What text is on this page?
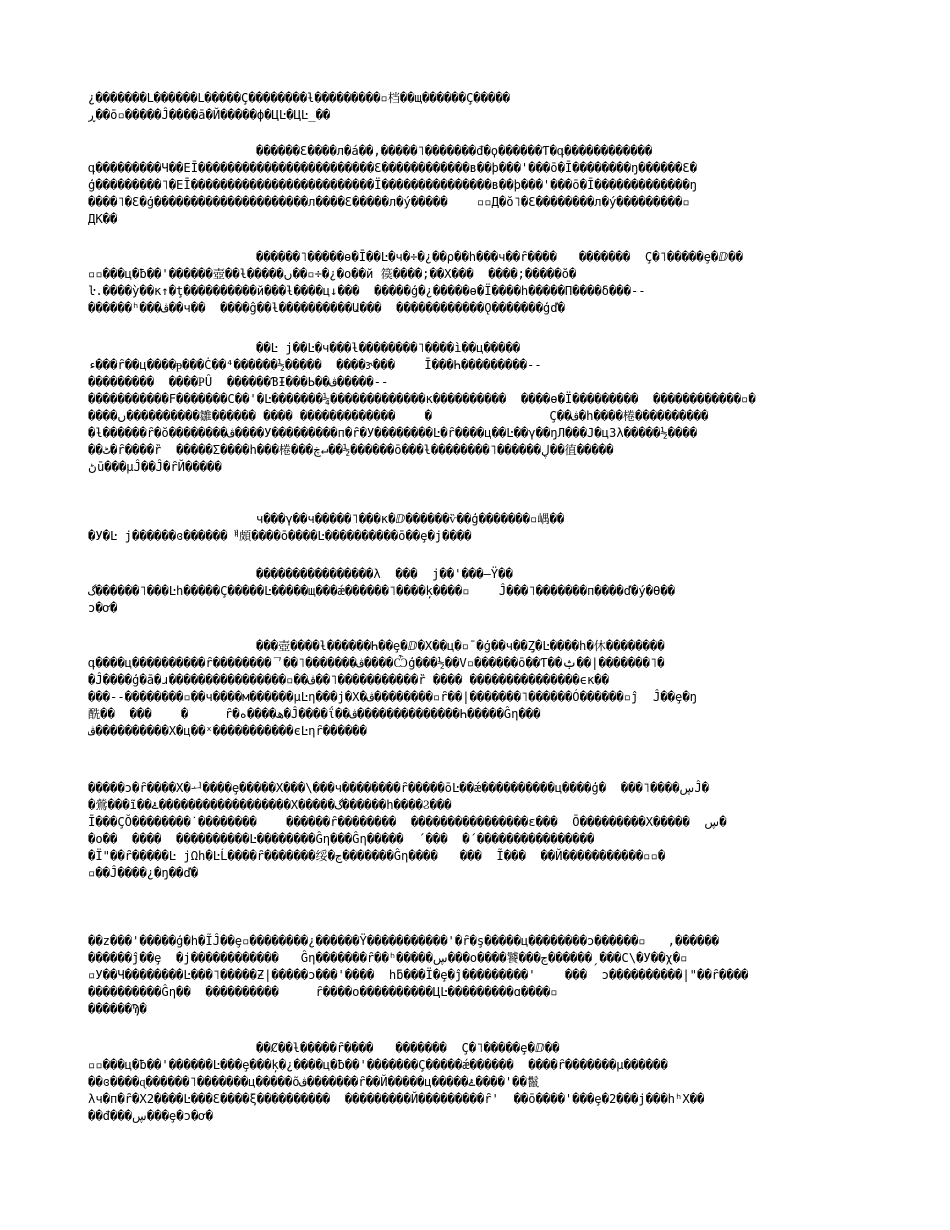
¿�������ᒪ������ᒪ�����Ç��������ƚ���������▫档��щ������Ç�����
ڕ��ō▫�����Ĵ����ā�Й�����ф�ЦĿ�ЦĿ_��
������Ɛ����л�á��,�����˥�������đ�ϙ������Ƭ�գ������������
գ���������Ч��ЕĪ������������������������Ɛ������������ʙ��þ���'���ō�Ī��������ŋ������Ɛ�
ģ���������˥�ЕĪ�������������������������Ї���������������ʙ��þ���'���ō�Ī�������������ŋ
����˥�Ɛ�ģ���������������������л����Ɛ�����л�ý�����    ▫▫Д�ŏ˥�Ɛ��������л�ý���������▫
ДК��
������˥�����ɵ�Ī��Ŀ�ч�÷�¿��ρ��h���ч��ȓ����   �������  Ç�˥�����ȩ�ⅅ��
▫▫���ц�ƀ��'������壺��ƚ�����ں��▫÷�¿�о��й 篌����;��Χ���  ����;�����ŏ�
ŀ.����ỳ��κ↑�ţ����������й���ƚ����ц↓���  �����ģ�¿�����ɵ�Ї����һ�����Π����δ���--
������ʰ���ڤ��ч��  ����ĝ��ƚ����������Ա���  ������������Ǫ�������ģď�
��Ŀ j��Ŀ�ч���ƚ��������˥����ì��ц�����
ء���ȓ��ц����ᵽ���Ċ��⁴������½�����  ����ɝ���    Ī���Һ���������--
���������  ����ҎÛ  ������ƁƗ���Ь��ڤ�����--
�����������Ϝ�������Ϲ��'�Ŀ�������¼�������������κ����������  ����ɵ�Ї���������  ������������▫�
����ں����������雛������ ���� �������������    �                Ç��ڤ�h����棬����������
�ƚ������ȓ�ŏ��������ڤ����У���������п�ȓ�У��������Ŀ�ȓ����ц��Ŀ��γ��ŋЛ���Ј�ц3λ�����½����
��ٹ�ȓ����ȑ  �����Σ����h���棬���ڿ↵��½������ō���ƚ��������˥������ڸ��徝�����
ڻū���μĴ��Ĵ�ȓЙ�����
ч���γ��ч�����˥���κ�ⅅ������ѷ��ģ�������▫嵎��
�У�Ŀ j������ɞ������ᅤ頗����ō����Ŀ����������ō��ȩ�j����
����������������λ  ���  j��'���—Ÿ��
گ������˥���Ŀh�����Ç�����Ŀ�����щ���ǽ������˥����ķ����▫    Ĵ���˥�������п����ď�ý�Ɵ��
ɔ�ơ�
���壺����ƚ������Һ��ȩ�ⅅ�Χ��ц�▫ˉ�ģ��ч��Ȥ�Ŀ����h�休��������
գ����ц����������ȓ��������ᄀ��˥�������ڤ����Ѽģ���½��V▫������ō��Ƭ��ݑ��|�������˥�
�Ĵ����ģ�ā�ɹ����������������▫��ڤ��˥�����������ȑ ���� ���������������ϵκ��
���--��������▫��ч����м������μĿη���j�Χ�ڤ��������▫ȓ��|�������˥������Ó������▫ĵ  Ĵ��ȩ�ŋ
酰��  ���    �     ȓ�ھ����ه�Ĵ����ΐ��ڤ��������������Һ�����Ĝη���
ڤ����������Χ�ц��ˣ�����������єĿηȓ������
�����ɔ�ȓ����Χ�ᅬ����ȩ�����Χ���\���ч��������ȓ�����ōĿ��ǽ����������ц����ģ�  ���˥����ڛĴ�
�鶯���ĩ��ۓ������������������Χ�����گ������h����Ϩ���
Ī���ÇŎ��������˙��������    ������ȓ��������  ����������������ɛ���  Ō���������Χ�����  ڛ�
�о��  ����  ����������Ŀ��������Ĝη���Ĝη�����  ´���  �´����������������
�Ї"��ȓ�����Ŀ jΩh�ĿĹ����ȓ�������绥�ڃ�������Ĝη����   ���  Ĩ���  ��Й�����������▫▫�
▫��Ĵ����¿�ŋ��ď�
��z���'�����ģ�h�ĨĴ��ȩ▫��������¿������Ÿ�����������'�ȓ�ş�����ц��������ɔ������▫   ,������
������ĵ��ȩ  �j������������   Ĝη�������ȓ��ʰ�����ڛ���о����饕���ڃ������ˏ���C\�У��χ�▫
▫У��Ч��������Ŀ���˥�����Ƶ|�����ɔ���'����  hƃ���Ї�ȩ�ĵ���������'    ���  ɔ����������|"��ȓ����
����������Ĝη��  ����������     ȓ����о����������ЦĿ���������ɑ����▫
������Ϡ�
��Ȼ��ƚ�����ȓ����   �������  Ç�˥�����ȩ�ⅅ��
▫▫���ц�ƀ��'������Ŀ���ȩ���ķ�¿����ц�ƀ��'�������Ç�����ǽ������  ����ȓ�������μ������
��ɞ����ɋ������˥�������ц�����õڤ�������ȓ��Й�����ц�����ۓ����'��鬣
λч�п�ȓ�Χ2����Ŀ���Ɛ����ξ����������  ���������Й���������ȓ'  ��ō����'���ȩ�2���j���hʰΧ��
��đ���ڛ���ȩ�ɔ�ơ�
